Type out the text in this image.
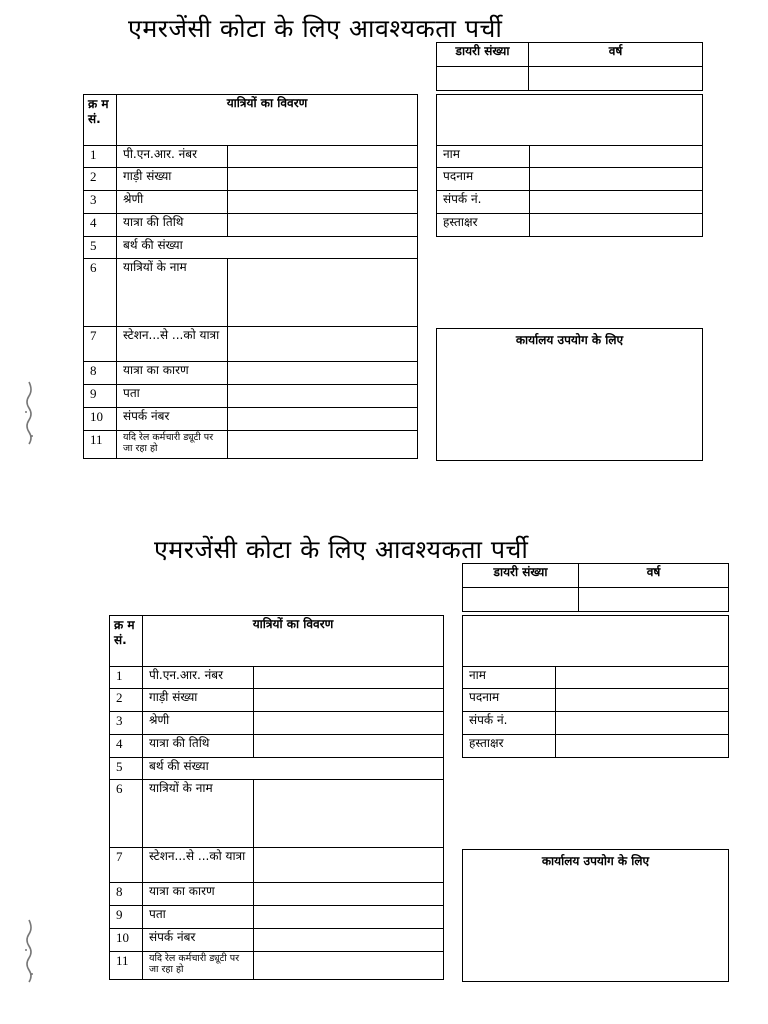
एमरजेंसी कोटा के लिए आवश्यकता पर्ची
डायरी संख्या	वर्ष

क्र म सं.	यात्रियों का विवरण	
1	पी.एन.आर. नंबर	
2	गाड़ी संख्या	
3	श्रेणी	
4	यात्रा की तिथि	
5	बर्थ की संख्या	
6	यात्रियों के नाम	
7	स्टेशन...से ...को यात्रा	
8	यात्रा का कारण	
9	पता	
10	संपर्क नंबर	
11	यदि रेल कर्मचारी ड्यूटी पर जा रहा हो	

नाम	
पदनाम	
संपर्क नं.	
हस्ताक्षर	
कार्यालय उपयोग के लिए
एमरजेंसी कोटा के लिए आवश्यकता पर्ची
डायरी संख्या	वर्ष

क्र म सं.	यात्रियों का विवरण	
1	पी.एन.आर. नंबर	
2	गाड़ी संख्या	
3	श्रेणी	
4	यात्रा की तिथि	
5	बर्थ की संख्या	
6	यात्रियों के नाम	
7	स्टेशन...से ...को यात्रा	
8	यात्रा का कारण	
9	पता	
10	संपर्क नंबर	
11	यदि रेल कर्मचारी ड्यूटी पर जा रहा हो	

नाम	
पदनाम	
संपर्क नं.	
हस्ताक्षर	
कार्यालय उपयोग के लिए
